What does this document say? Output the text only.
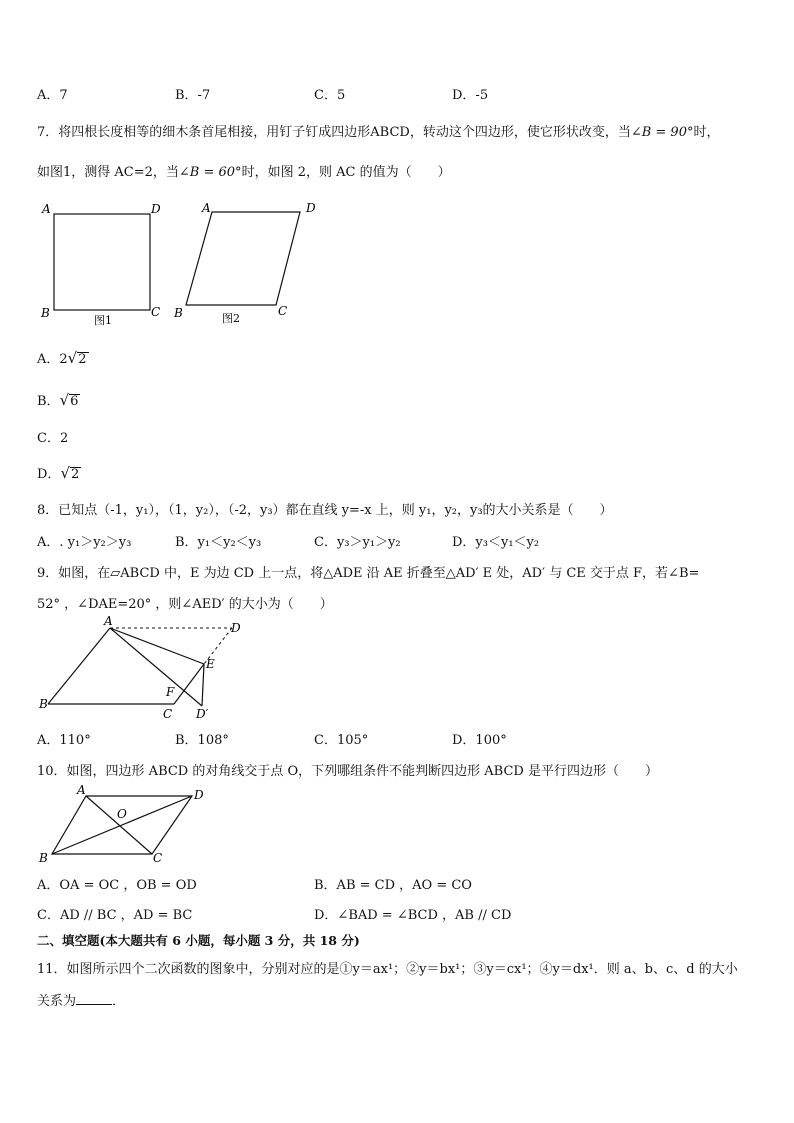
A．7	B．-7	C．5	D．-5
7．将四根长度相等的细木条首尾相接，用钉子钉成四边形ABCD，转动这个四边形，使它形状改变，当∠B = 90°时，
如图1，测得 AC=2，当∠B = 60°时，如图 2，则 AC 的值为（　　）
A	D
B	C
图1
A	D
B	C
图2
A．2√2
B．√6
C．2
D．√2
8．已知点（-1，y₁），（1，y₂），（-2，y₃）都在直线 y=-x 上，则 y₁，y₂，y₃的大小关系是（　　）
A．. y₁＞y₂＞y₃	B．y₁＜y₂＜y₃	C．y₃＞y₁＞y₂	D．y₃＜y₁＜y₂
9．如图，在▱ABCD 中，E 为边 CD 上一点，将△ADE 沿 AE 折叠至△AD′ E 处，AD′ 与 CE 交于点 F，若∠B=
52° ，∠DAE=20° ，则∠AED′ 的大小为（　　）
A	D
E
B
C
F
D′
A．110°	B．108°	C．105°	D．100°
10．如图，四边形 ABCD 的对角线交于点 O，下列哪组条件不能判断四边形 ABCD 是平行四边形（　　）
A	D
B	C
O
A．OA = OC ，OB = OD	B．AB = CD ，AO = CO
C．AD // BC ，AD = BC	D．∠BAD = ∠BCD ，AB // CD
二、填空题(本大题共有 6 小题，每小题 3 分，共 18 分)
11．如图所示四个二次函数的图象中，分别对应的是①y＝ax¹；②y＝bx¹；③y＝cx¹；④y＝dx¹．则 a、b、c、d 的大小
关系为	．
